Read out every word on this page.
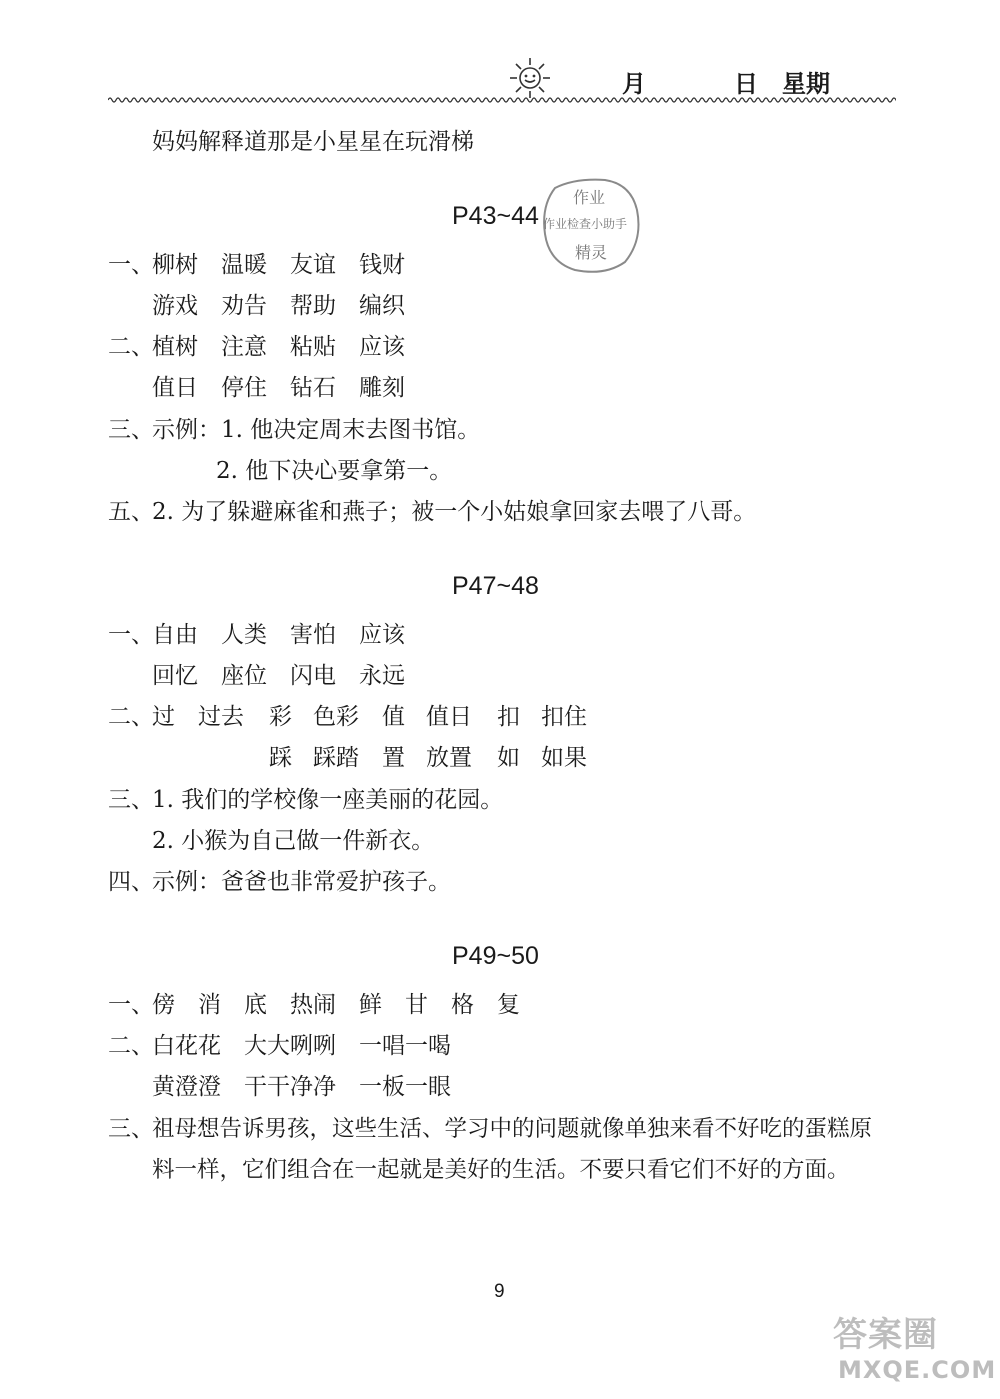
月	日 星期
妈妈解释道那是小星星在玩滑梯
作业
作业检查小助手
精灵
P43~44
一、
柳树 温暖 友谊 钱财
游戏 劝告 帮助 编织
二、
植树 注意 粘贴 应该
值日 停住 钻石 雕刻
三、
示例：1. 他决定周末去图书馆。
2. 他下决心要拿第一。
五、
2. 为了躲避麻雀和燕子；被一个小姑娘拿回家去喂了八哥。
P47~48
一、
自由 人类 害怕 应该
回忆 座位 闪电 永远
二、
过 过去 彩 色彩 值 值日 扣 扣住
踩 踩踏 置 放置 如 如果
三、
1. 我们的学校像一座美丽的花园。
2. 小猴为自己做一件新衣。
四、
示例：爸爸也非常爱护孩子。
P49~50
一、
傍 消 底 热闹 鲜 甘 格 复
二、
白花花 大大咧咧 一唱一喝
黄澄澄 干干净净 一板一眼
三、
祖母想告诉男孩，这些生活、学习中的问题就像单独来看不好吃的蛋糕原
料一样，它们组合在一起就是美好的生活。不要只看它们不好的方面。
9
答案圈
MXQE.COM
